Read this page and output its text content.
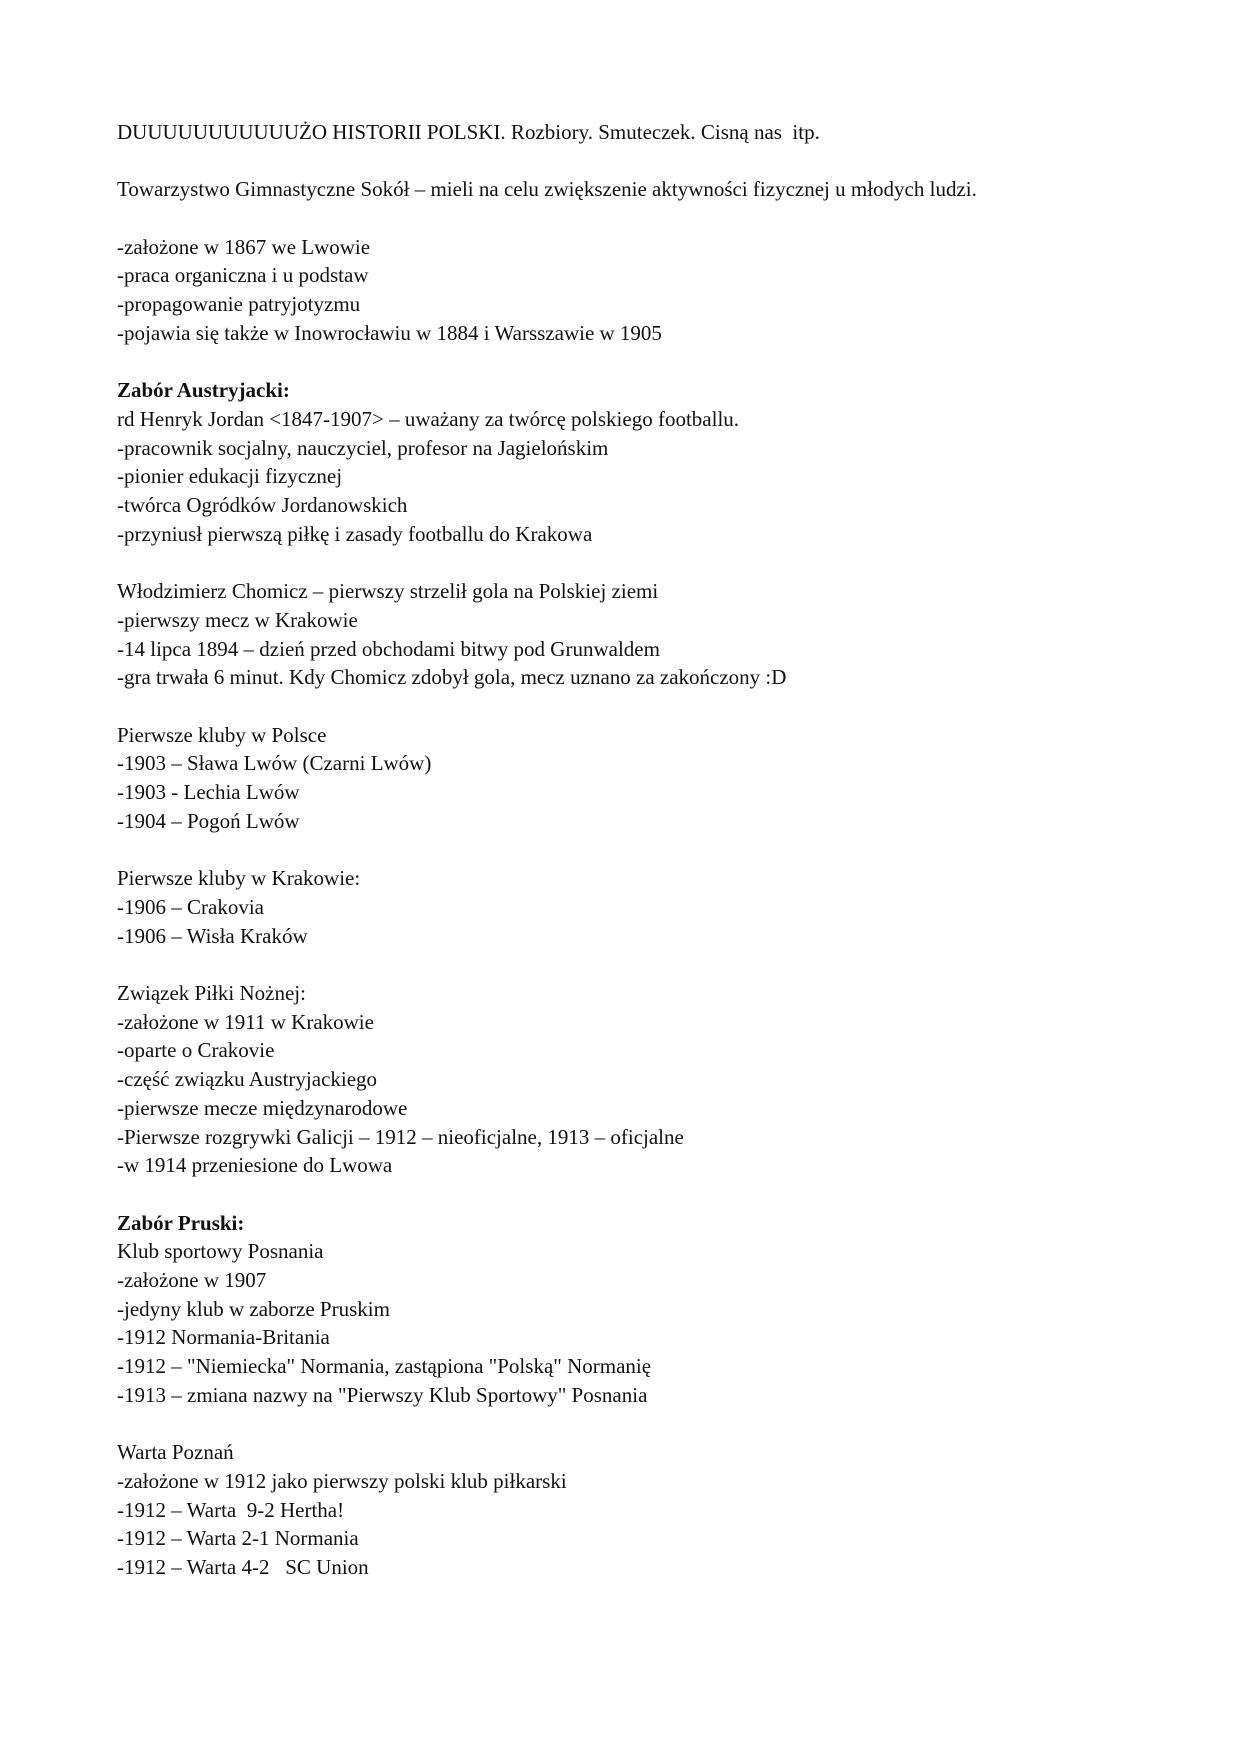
DUUUUUUUUUUUŻO HISTORII POLSKI. Rozbiory. Smuteczek. Cisną nas  itp.

Towarzystwo Gimnastyczne Sokół – mieli na celu zwiększenie aktywności fizycznej u młodych ludzi.

-założone w 1867 we Lwowie

-praca organiczna i u podstaw

-propagowanie patryjotyzmu

-pojawia się także w Inowrocławiu w 1884 i Warsszawie w 1905

Zabór Austryjacki:

rd Henryk Jordan <1847-1907> – uważany za twórcę polskiego footballu.

-pracownik socjalny, nauczyciel, profesor na Jagielońskim

-pionier edukacji fizycznej

-twórca Ogródków Jordanowskich

-przyniusł pierwszą piłkę i zasady footballu do Krakowa

Włodzimierz Chomicz – pierwszy strzelił gola na Polskiej ziemi

-pierwszy mecz w Krakowie

-14 lipca 1894 – dzień przed obchodami bitwy pod Grunwaldem

-gra trwała 6 minut. Kdy Chomicz zdobył gola, mecz uznano za zakończony :D

Pierwsze kluby w Polsce

-1903 – Sława Lwów (Czarni Lwów)

-1903 - Lechia Lwów

-1904 – Pogoń Lwów

Pierwsze kluby w Krakowie:

-1906 – Crakovia

-1906 – Wisła Kraków

Związek Piłki Nożnej:

-założone w 1911 w Krakowie

-oparte o Crakovie

-część związku Austryjackiego

-pierwsze mecze międzynarodowe

-Pierwsze rozgrywki Galicji – 1912 – nieoficjalne, 1913 – oficjalne

-w 1914 przeniesione do Lwowa

Zabór Pruski:

Klub sportowy Posnania

-założone w 1907

-jedyny klub w zaborze Pruskim

-1912 Normania-Britania

-1912 – "Niemiecka" Normania, zastąpiona "Polską" Normanię

-1913 – zmiana nazwy na "Pierwszy Klub Sportowy" Posnania

Warta Poznań

-założone w 1912 jako pierwszy polski klub piłkarski

-1912 – Warta  9-2 Hertha!

-1912 – Warta 2-1 Normania

-1912 – Warta 4-2   SC Union
